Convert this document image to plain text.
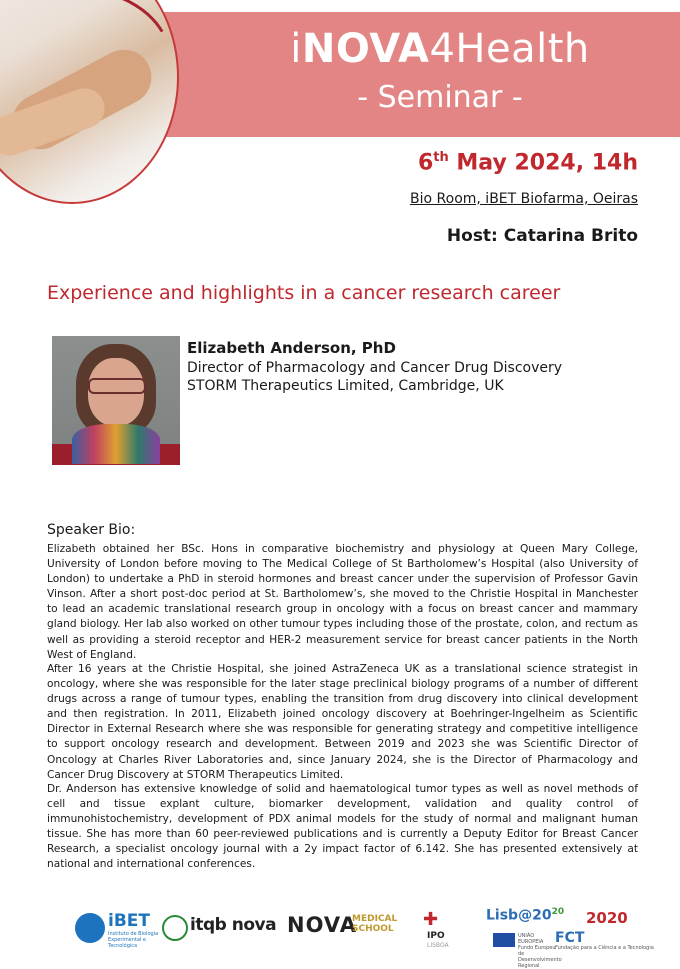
iNOVA4Health
- Seminar -
6th May 2024, 14h
Bio Room, iBET Biofarma, Oeiras
Host: Catarina Brito
Experience and highlights in a cancer research career
Elizabeth Anderson, PhD
Director of Pharmacology and Cancer Drug Discovery
STORM Therapeutics Limited, Cambridge, UK
Speaker Bio:

Elizabeth obtained her BSc. Hons in comparative biochemistry and physiology at Queen Mary College, University of London before moving to The Medical College of St Bartholomew’s Hospital (also University of London) to undertake a PhD in steroid hormones and breast cancer under the supervision of Professor Gavin Vinson. After a short post-doc period at St. Bartholomew’s, she moved to the Christie Hospital in Manchester to lead an academic translational research group in oncology with a focus on breast cancer and mammary gland biology. Her lab also worked on other tumour types including those of the prostate, colon, and rectum as well as providing a steroid receptor and HER-2 measurement service for breast cancer patients in the North West of England.

After 16 years at the Christie Hospital, she joined AstraZeneca UK as a translational science strategist in oncology, where she was responsible for the later stage preclinical biology programs of a number of different drugs across a range of tumour types, enabling the transition from drug discovery into clinical development and then registration. In 2011, Elizabeth joined oncology discovery at Boehringer-Ingelheim as Scientific Director in External Research where she was responsible for generating strategy and competitive intelligence to support oncology research and development. Between 2019 and 2023 she was Scientific Director of Oncology at Charles River Laboratories and, since January 2024, she is the Director of Pharmacology and Cancer Drug Discovery at STORM Therapeutics Limited.

Dr. Anderson has extensive knowledge of solid and haematological tumor types as well as novel methods of cell and tissue explant culture, biomarker development, validation and quality control of immunohistochemistry, development of PDX animal models for the study of normal and malignant human tissue. She has more than 60 peer-reviewed publications and is currently a Deputy Editor for Breast Cancer Research, a specialist oncology journal with a 2y impact factor of 6.142. She has presented extensively at national and international conferences.

iBET
Instituto de Biologia Experimental e Tecnológica
itqb nova NOVA
MEDICAL SCHOOL	✚
IPO
LISBOA
$Lisb@20^{20}$
UNIÃO EUROPEIA Fundo Europeu de Desenvolvimento Regional
2020
FCT
Fundação para a Ciência e a Tecnologia
